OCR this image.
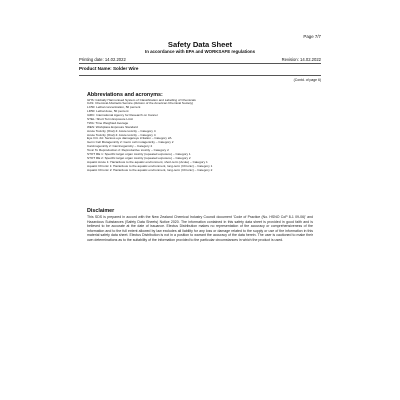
Page 7/7
Safety Data Sheet
In accordance with EPA and WORKSAFE regulations
Printing date: 14.02.2022	Revision: 14.02.2022
Product Name: Solder Wire
(Contd. of page 6)
Abbreviations and acronyms:
GHS: Globally Harmonised System of Classification and Labelling of Chemicals
CAS: Chemical Abstracts Service (division of the American Chemical Society)
LC50: Lethal concentration, 50 percent
LD50: Lethal dose, 50 percent
IARC: International Agency for Research on Cancer
STEL: Short Term Exposure Limit
TWA: Time Weighted Average
WES: Workplace Exposure Standard
Acute Toxicity (Oral) 4: Acute toxicity – Category 4
Acute Toxicity (Oral) 4: Acute toxicity – Category 4
Eye Irrit. 2A: Serious eye damage/eye irritation – Category 2A
Germ Cell Mutagenicity 2: Germ cell mutagenicity – Category 2
Carcinogenicity 2: Carcinogenicity – Category 2
Toxic To Reproduction 2: Reproductive toxicity – Category 2
STOT RE 1: Specific target organ toxicity (repeated exposure) – Category 1
STOT RE 2: Specific target organ toxicity (repeated exposure) – Category 2
Aquatic Acute 1: Hazardous to the aquatic environment, short-term (Acute) – Category 1
Aquatic Chronic 1: Hazardous to the aquatic environment, long-term (Chronic) – Category 1
Aquatic Chronic 2: Hazardous to the aquatic environment, long-term (Chronic) – Category 2
Disclaimer

This SDS is prepared in accord with the New Zealand Chemical Industry Council document 'Code of Practice (No. HSNO CoP 8-1 09-06)' and Hazardous Substances (Safety Data Sheets) Notice 2020. The information contained in this safety data sheet is provided in good faith and is believed to be accurate at the date of issuance. Electus Distribution makes no representation of the accuracy or comprehensiveness of the information and to the full extent allowed by law excludes all liability for any loss or damage related to the supply or use of the information in this material safety data sheet. Electus Distribution is not in a position to warrant the accuracy of the data herein. The user is cautioned to make their own determinations as to the suitability of the information provided to the particular circumstances in which the product is used.
